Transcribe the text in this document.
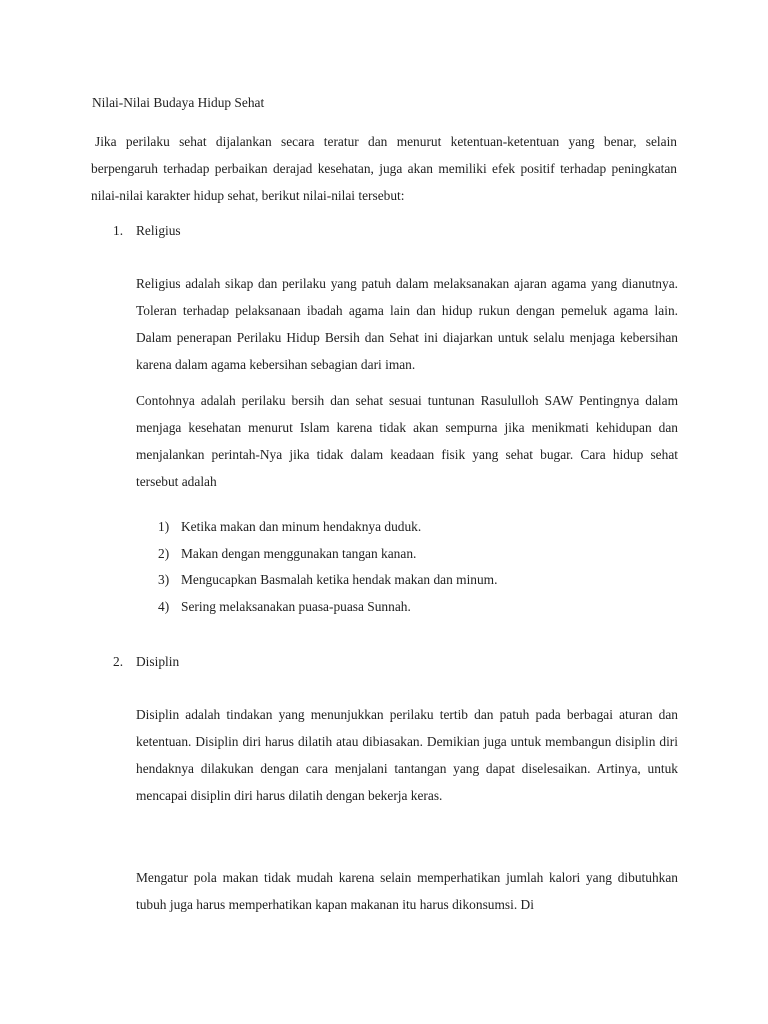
Nilai-Nilai Budaya Hidup Sehat

Jika perilaku sehat dijalankan secara teratur dan menurut ketentuan-ketentuan yang benar, selain berpengaruh terhadap perbaikan derajad kesehatan, juga akan memiliki efek positif terhadap peningkatan nilai-nilai karakter hidup sehat, berikut nilai-nilai tersebut:

1. Religius

Religius adalah sikap dan perilaku yang patuh dalam melaksanakan ajaran agama yang dianutnya. Toleran terhadap pelaksanaan ibadah agama lain dan hidup rukun dengan pemeluk agama lain. Dalam penerapan Perilaku Hidup Bersih dan Sehat ini diajarkan untuk selalu menjaga kebersihan karena dalam agama kebersihan sebagian dari iman.

Contohnya adalah perilaku bersih dan sehat sesuai tuntunan Rasululloh SAW Pentingnya dalam menjaga kesehatan menurut Islam karena tidak akan sempurna jika menikmati kehidupan dan menjalankan perintah-Nya jika tidak dalam keadaan fisik yang sehat bugar. Cara hidup sehat tersebut adalah

1) Ketika makan dan minum hendaknya duduk.
2) Makan dengan menggunakan tangan kanan.
3) Mengucapkan Basmalah ketika hendak makan dan minum.
4) Sering melaksanakan puasa-puasa Sunnah.

2. Disiplin

Disiplin adalah tindakan yang menunjukkan perilaku tertib dan patuh pada berbagai aturan dan ketentuan. Disiplin diri harus dilatih atau dibiasakan. Demikian juga untuk membangun disiplin diri hendaknya dilakukan dengan cara menjalani tantangan yang dapat diselesaikan. Artinya, untuk mencapai disiplin diri harus dilatih dengan bekerja keras.

Mengatur pola makan tidak mudah karena selain memperhatikan jumlah kalori yang dibutuhkan tubuh juga harus memperhatikan kapan makanan itu harus dikonsumsi. Di
